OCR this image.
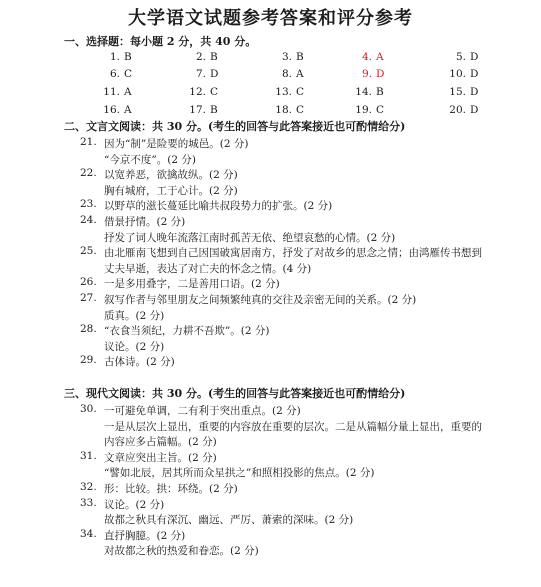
大学语文试题参考答案和评分参考
一、选择题：每小题 2 分，共 40 分。
1. B	2. B	3. B	4. A	5. D
6. C	7. D	8. A	9. D	10. D
11. A	12. C	13. C	14. B	15. D
16. A	17. B	18. C	19. C	20. D
二、文言文阅读：共 30 分。(考生的回答与此答案接近也可酌情给分)
21. 因为“制”是险要的城邑。(2 分)
“今京不度”。(2 分)
22. 以宽养恶，欲擒故纵。(2 分)
胸有城府，工于心计。(2 分)
23. 以野草的滋长蔓延比喻共叔段势力的扩张。(2 分)
24. 借景抒情。(2 分)
抒发了词人晚年流落江南时孤苦无依、绝望哀愁的心情。(2 分)
25. 由北雁南飞想到自己因国破寓居南方，抒发了对故乡的思念之情；由鸿雁传书想到
丈夫早逝，表达了对亡夫的怀念之情。(4 分)
26. 一是多用叠字，二是善用口语。(2 分)
27. 叙写作者与邻里朋友之间频繁纯真的交往及亲密无间的关系。(2 分)
质真。(2 分)
28. “衣食当须纪，力耕不吾欺”。(2 分)
议论。(2 分)
29. 古体诗。(2 分)
三、现代文阅读：共 30 分。(考生的回答与此答案接近也可酌情给分)
30. 一可避免单调，二有利于突出重点。(2 分)
一是从层次上显出，重要的内容放在重要的层次。二是从篇幅分量上显出，重要的
内容应多占篇幅。(2 分)
31. 文章应突出主旨。(2 分)
“譬如北辰，居其所而众星拱之”和照相投影的焦点。(2 分)
32. 形：比较。拱：环绕。(2 分)
33. 议论。(2 分)
故都之秋具有深沉、幽远、严厉、萧索的深味。(2 分)
34. 直抒胸臆。(2 分)
对故都之秋的热爱和眷恋。(2 分)
